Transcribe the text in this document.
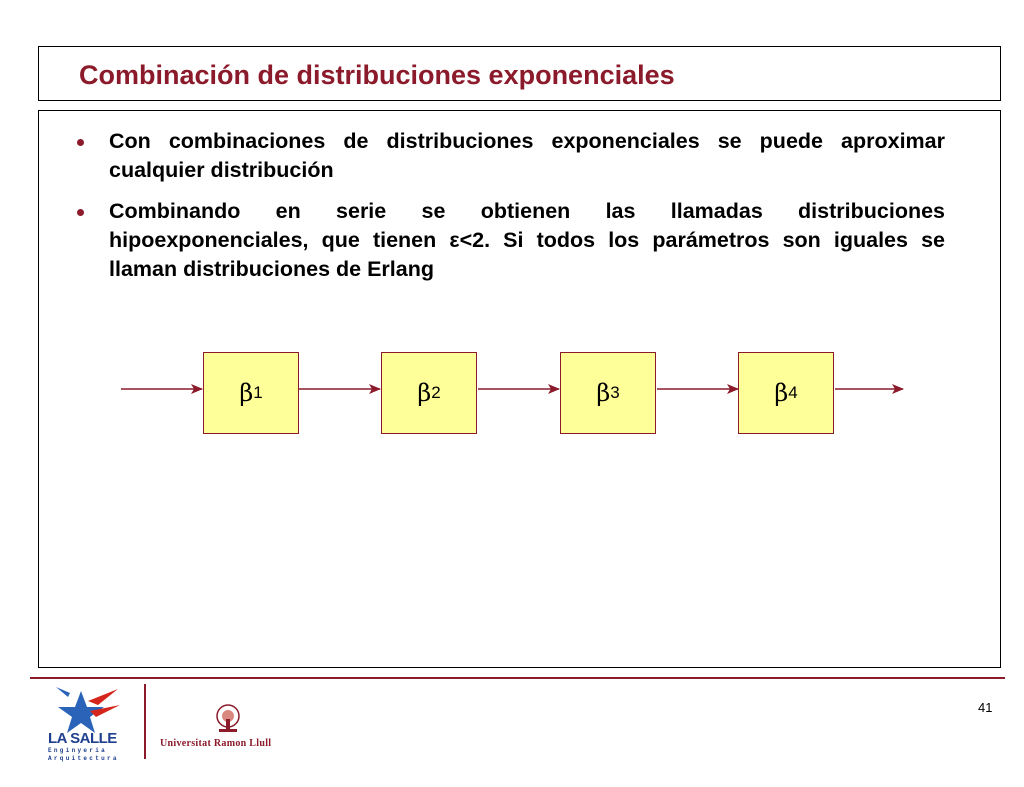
Combinación de distribuciones exponenciales
Con combinaciones de distribuciones exponenciales se puede aproximar cualquier distribución
Combinando en serie se obtienen las llamadas distribuciones hipoexponenciales, que tienen ε<2. Si todos los parámetros son iguales se llaman distribuciones de Erlang
β 1	β 2	β 3	β 4
LA SALLE
Enginyeria
Arquitectura
Universitat Ramon Llull
41
